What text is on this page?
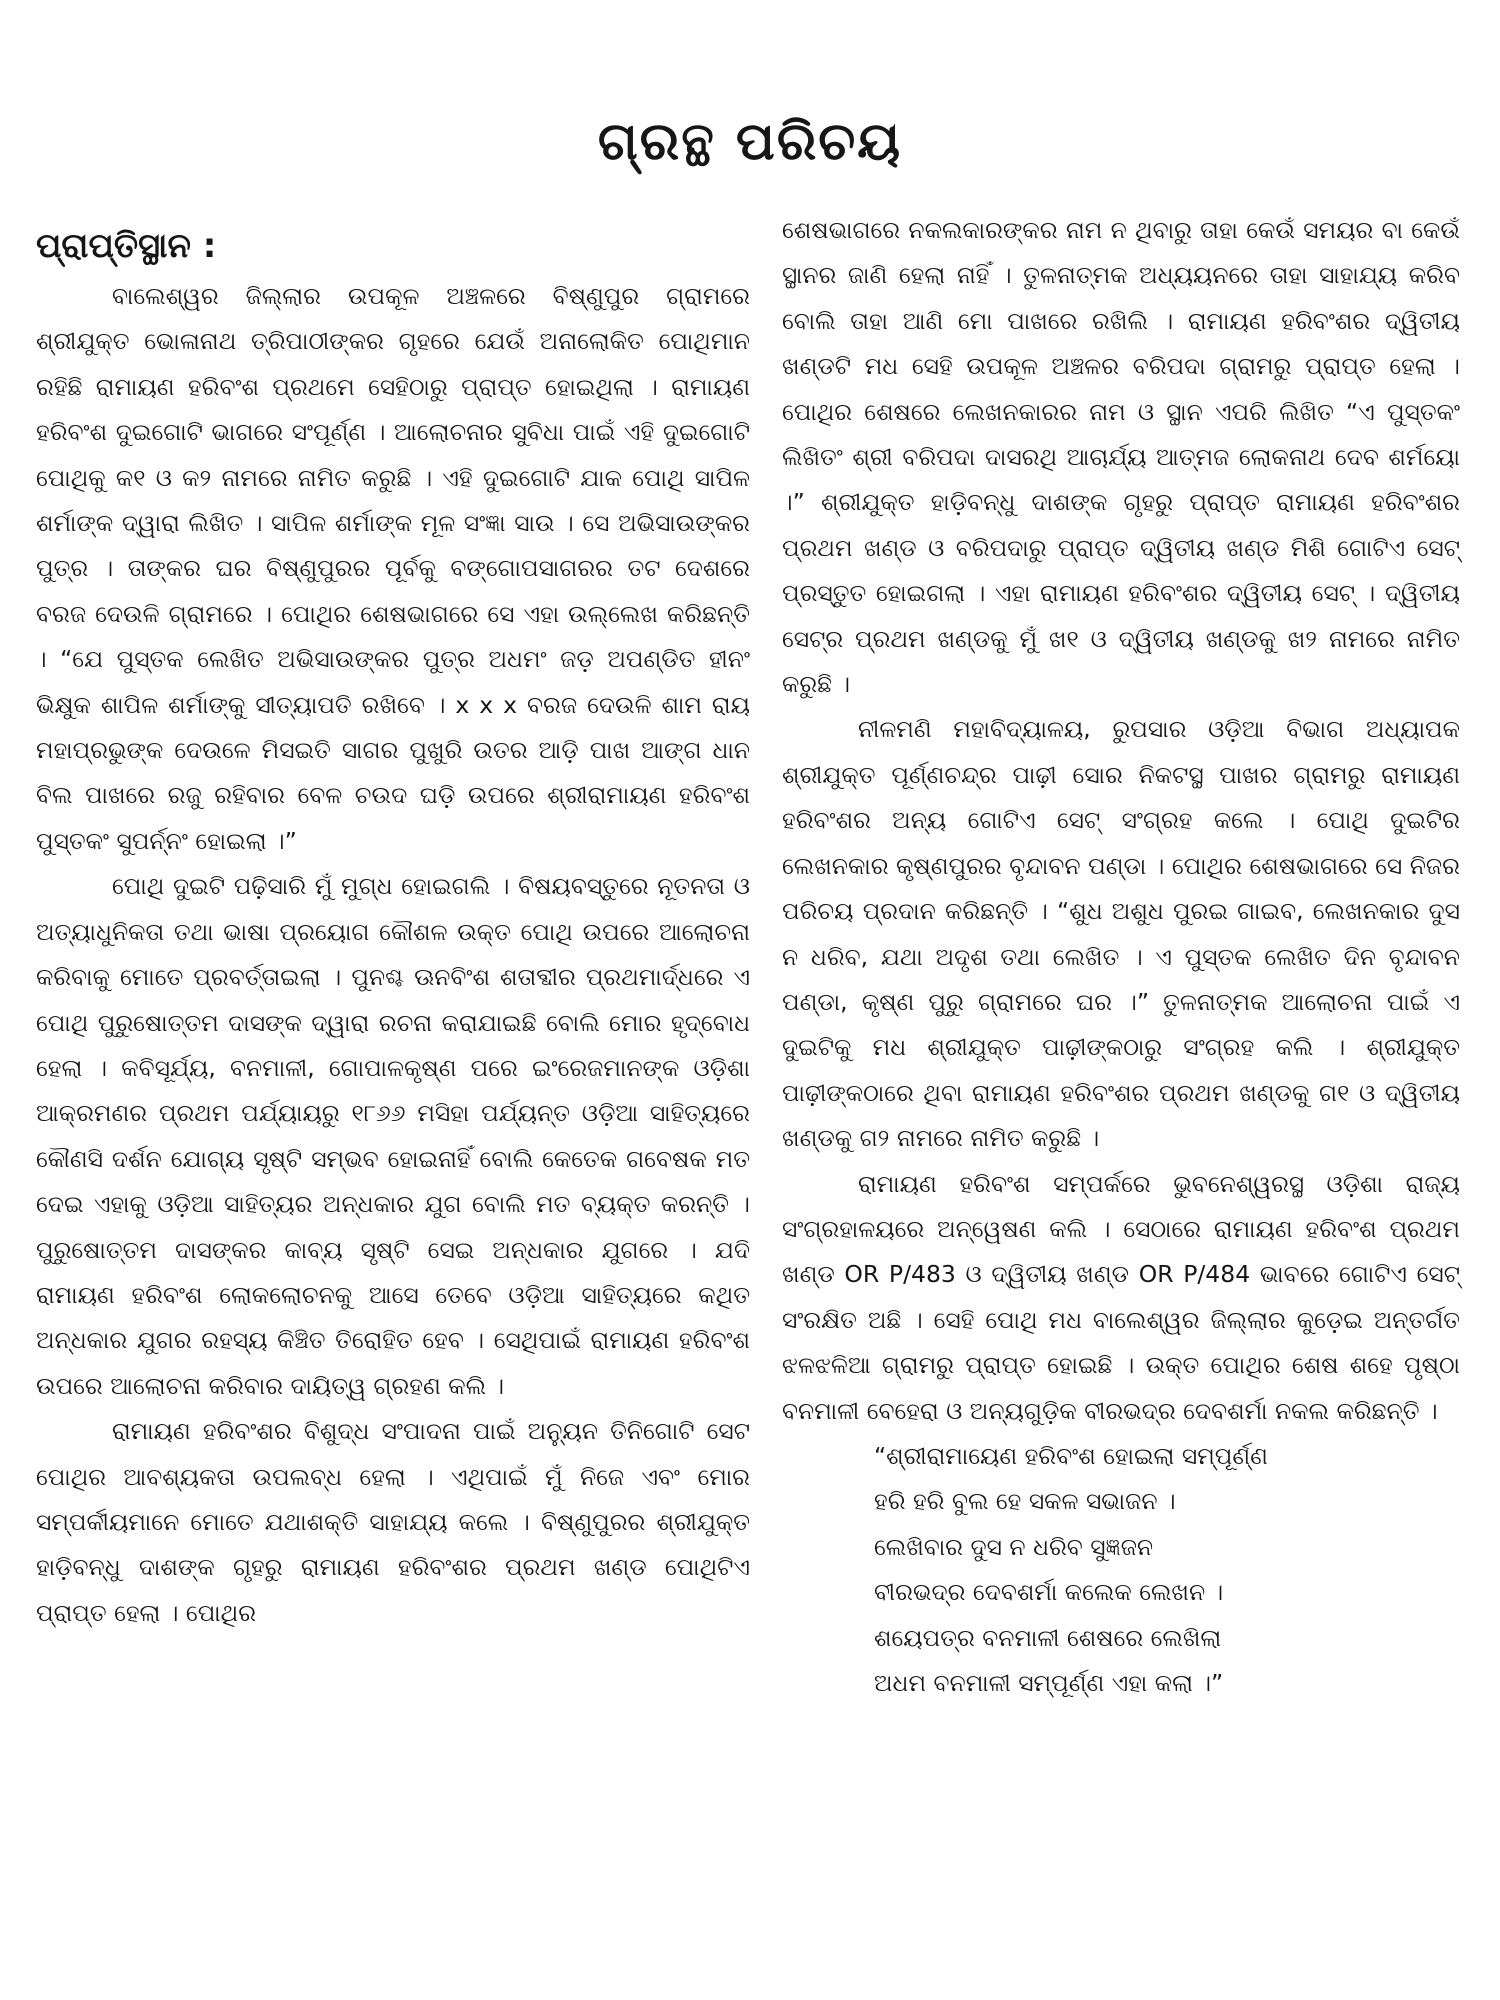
ଗ୍ରନ୍ଥ ପରିଚୟ
ପ୍ରାପ୍ତିସ୍ଥାନ :

ବାଲେଶ୍ୱର ଜିଲ୍ଲାର ଉପକୂଳ ଅଞ୍ଚଳରେ ବିଷ୍ଣୁପୁର ଗ୍ରାମରେ ଶ୍ରୀଯୁକ୍ତ ଭୋଳାନାଥ ତ୍ରିପାଠୀଙ୍କର ଗୃହରେ ଯେଉଁ ଅନାଲୋକିତ ପୋଥିମାନ ରହିଛି ରାମାୟଣ ହରିବଂଶ ପ୍ରଥମେ ସେହିଠାରୁ ପ୍ରାପ୍ତ ହୋଇଥିଲା । ରାମାୟଣ ହରିବଂଶ ଦୁଇଗୋଟି ଭାଗରେ ସଂପୂର୍ଣ୍ଣ । ଆଲୋଚନାର ସୁବିଧା ପାଇଁ ଏହି ଦୁଇଗୋଟି ପୋଥିକୁ କ୧ ଓ କ୨ ନାମରେ ନାମିତ କରୁଛି । ଏହି ଦୁଇଗୋଟି ଯାକ ପୋଥି ସାପିଳ ଶର୍ମାଙ୍କ ଦ୍ୱାରା ଲିଖିତ । ସାପିଳ ଶର୍ମାଙ୍କ ମୂଳ ସଂଜ୍ଞା ସାଉ । ସେ ଅଭିସାଉଙ୍କର ପୁତ୍ର । ତାଙ୍କର ଘର ବିଷ୍ଣୁପୁରର ପୂର୍ବକୁ ବଙ୍ଗୋପସାଗରର ତଟ ଦେଶରେ ବରଜ ଦେଉଳି ଗ୍ରାମରେ । ପୋଥିର ଶେଷଭାଗରେ ସେ ଏହା ଉଲ୍ଲେଖ କରିଛନ୍ତି । “ଯେ ପୁସ୍ତକ ଲେଖିତ ଅଭିସାଉଙ୍କର ପୁତ୍ର ଅଧମଂ ଜଡ଼ ଅପଣ୍ଡିତ ହୀନଂ ଭିକ୍ଷୁକ ଶାପିଳ ଶର୍ମାଙ୍କୁ ସୀତ୍ୟାପତି ରଖିବେ । x x x ବରଜ ଦେଉଳି ଶାମ ରାୟ ମହାପ୍ରଭୁଙ୍କ ଦେଉଳେ ମିସଇତି ସାଗର ପୁଖୁରି ଉତର ଆଡ଼ି ପାଖ ଆଙ୍ଗ ଧାନ ବିଲ ପାଖରେ ରଜୁ ରହିବାର ବେଳ ଚଉଦ ଘଡ଼ି ଉପରେ ଶ୍ରୀରାମାୟଣ ହରିବଂଶ ପୁସ୍ତକଂ ସୁପର୍ନ୍ନଂ ହୋଇଲା ।”

ପୋଥି ଦୁଇଟି ପଢ଼ିସାରି ମୁଁ ମୁଗ୍ଧ ହୋଇଗଲି । ବିଷୟବସ୍ତୁରେ ନୂତନତା ଓ ଅତ୍ୟାଧୁନିକତା ତଥା ଭାଷା ପ୍ରୟୋଗ କୌଶଳ ଉକ୍ତ ପୋଥି ଉପରେ ଆଲୋଚନା କରିବାକୁ ମୋତେ ପ୍ରବର୍ତ୍ତାଇଲା । ପୁନଶ୍ଚ ଊନବିଂଶ ଶତାବ୍ଦୀର ପ୍ରଥମାର୍ଦ୍ଧରେ ଏ ପୋଥି ପୁରୁଷୋତ୍ତମ ଦାସଙ୍କ ଦ୍ୱାରା ରଚନା କରାଯାଇଛି ବୋଲି ମୋର ହୃଦ୍‌ବୋଧ ହେଲା । କବିସୂର୍ଯ୍ୟ, ବନମାଳୀ, ଗୋପାଳକୃଷ୍ଣ ପରେ ଇଂରେଜମାନଙ୍କ ଓଡ଼ିଶା ଆକ୍ରମଣର ପ୍ରଥମ ପର୍ଯ୍ୟାୟରୁ ୧୮୬୬ ମସିହା ପର୍ଯ୍ୟନ୍ତ ଓଡ଼ିଆ ସାହିତ୍ୟରେ କୌଣସି ଦର୍ଶନ ଯୋଗ୍ୟ ସୃଷ୍ଟି ସମ୍ଭବ ହୋଇନାହିଁ ବୋଲି କେତେକ ଗବେଷକ ମତ ଦେଇ ଏହାକୁ ଓଡ଼ିଆ ସାହିତ୍ୟର ଅନ୍ଧକାର ଯୁଗ ବୋଲି ମତ ବ୍ୟକ୍ତ କରନ୍ତି । ପୁରୁଷୋତ୍ତମ ଦାସଙ୍କର କାବ୍ୟ ସୃଷ୍ଟି ସେଇ ଅନ୍ଧକାର ଯୁଗରେ । ଯଦି ରାମାୟଣ ହରିବଂଶ ଲୋକଲୋଚନକୁ ଆସେ ତେବେ ଓଡ଼ିଆ ସାହିତ୍ୟରେ କଥିତ ଅନ୍ଧକାର ଯୁଗର ରହସ୍ୟ କିଞ୍ଚିତ ତିରୋହିତ ହେବ । ସେଥିପାଇଁ ରାମାୟଣ ହରିବଂଶ ଉପରେ ଆଲୋଚନା କରିବାର ଦାୟିତ୍ୱ ଗ୍ରହଣ କଲି ।

ରାମାୟଣ ହରିବଂଶର ବିଶୁଦ୍ଧ ସଂପାଦନା ପାଇଁ ଅନ୍ୟୁନ ତିନିଗୋଟି ସେଟ ପୋଥିର ଆବଶ୍ୟକତା ଉପଲବ୍ଧ ହେଲା । ଏଥିପାଇଁ ମୁଁ ନିଜେ ଏବଂ ମୋର ସମ୍ପର୍କୀୟମାନେ ମୋତେ ଯଥାଶକ୍ତି ସାହାଯ୍ୟ କଲେ । ବିଷ୍ଣୁପୁରର ଶ୍ରୀଯୁକ୍ତ ହାଡ଼ିବନ୍ଧୁ ଦାଶଙ୍କ ଗୃହରୁ ରାମାୟଣ ହରିବଂଶର ପ୍ରଥମ ଖଣ୍ଡ ପୋଥିଟିଏ ପ୍ରାପ୍ତ ହେଲା । ପୋଥିର

ଶେଷଭାଗରେ ନକଲକାରଙ୍କର ନାମ ନ ଥିବାରୁ ତାହା କେଉଁ ସମୟର ବା କେଉଁ ସ୍ଥାନର ଜାଣି ହେଲା ନାହିଁ । ତୁଳନାତ୍ମକ ଅଧ୍ୟୟନରେ ତାହା ସାହାଯ୍ୟ କରିବ ବୋଲି ତାହା ଆଣି ମୋ ପାଖରେ ରଖିଲି । ରାମାୟଣ ହରିବଂଶର ଦ୍ୱିତୀୟ ଖଣ୍ଡଟି ମଧ ସେହି ଉପକୂଳ ଅଞ୍ଚଳର ବରିପଦା ଗ୍ରାମରୁ ପ୍ରାପ୍ତ ହେଲା । ପୋଥିର ଶେଷରେ ଲେଖନକାରର ନାମ ଓ ସ୍ଥାନ ଏପରି ଲିଖିତ “ଏ ପୁସ୍ତକଂ ଲିଖିତଂ ଶ୍ରୀ ବରିପଦା ଦାସରଥି ଆଚାର୍ଯ୍ୟ ଆତ୍ମଜ ଲୋକନାଥ ଦେବ ଶର୍ମୟୋ ।” ଶ୍ରୀଯୁକ୍ତ ହାଡ଼ିବନ୍ଧୁ ଦାଶଙ୍କ ଗୃହରୁ ପ୍ରାପ୍ତ ରାମାୟଣ ହରିବଂଶର ପ୍ରଥମ ଖଣ୍ଡ ଓ ବରିପଦାରୁ ପ୍ରାପ୍ତ ଦ୍ୱିତୀୟ ଖଣ୍ଡ ମିଶି ଗୋଟିଏ ସେଟ୍ ପ୍ରସ୍ତୁତ ହୋଇଗଲା । ଏହା ରାମାୟଣ ହରିବଂଶର ଦ୍ୱିତୀୟ ସେଟ୍ । ଦ୍ୱିତୀୟ ସେଟ୍‌ର ପ୍ରଥମ ଖଣ୍ଡକୁ ମୁଁ ଖ୧ ଓ ଦ୍ୱିତୀୟ ଖଣ୍ଡକୁ ଖ୨ ନାମରେ ନାମିତ କରୁଛି ।

ନୀଳମଣି ମହାବିଦ୍ୟାଳୟ, ରୁପସାର ଓଡ଼ିଆ ବିଭାଗ ଅଧ୍ୟାପକ ଶ୍ରୀଯୁକ୍ତ ପୂର୍ଣ୍ଣଚନ୍ଦ୍ର ପାଢ଼ୀ ସୋର ନିକଟସ୍ଥ ପାଖର ଗ୍ରାମରୁ ରାମାୟଣ ହରିବଂଶର ଅନ୍ୟ ଗୋଟିଏ ସେଟ୍ ସଂଗ୍ରହ କଲେ । ପୋଥି ଦୁଇଟିର ଲେଖନକାର କୃଷ୍ଣପୁରର ବୃନ୍ଦାବନ ପଣ୍ଡା । ପୋଥିର ଶେଷଭାଗରେ ସେ ନିଜର ପରିଚୟ ପ୍ରଦାନ କରିଛନ୍ତି । “ଶୁଧ ଅଶୁଧ ପୁରଇ ଗାଇବ, ଲେଖନକାର ଦୁସ ନ ଧରିବ, ଯଥା ଅଦୃଶ ତଥା ଲେଖିତ । ଏ ପୁସ୍ତକ ଲେଖିତ ଦିନ ବୃନ୍ଦାବନ ପଣ୍ଡା, କୃଷ୍ଣ ପୁରୁ ଗ୍ରାମରେ ଘର ।” ତୁଳନାତ୍ମକ ଆଲୋଚନା ପାଇଁ ଏ ଦୁଇଟିକୁ ମଧ ଶ୍ରୀଯୁକ୍ତ ପାଢ଼ୀଙ୍କଠାରୁ ସଂଗ୍ରହ କଲି । ଶ୍ରୀଯୁକ୍ତ ପାଢ଼ୀଙ୍କଠାରେ ଥିବା ରାମାୟଣ ହରିବଂଶର ପ୍ରଥମ ଖଣ୍ଡକୁ ଗ୧ ଓ ଦ୍ୱିତୀୟ ଖଣ୍ଡକୁ ଗ୨ ନାମରେ ନାମିତ କରୁଛି ।

ରାମାୟଣ ହରିବଂଶ ସମ୍ପର୍କରେ ଭୁବନେଶ୍ୱରସ୍ଥ ଓଡ଼ିଶା ରାଜ୍ୟ ସଂଗ୍ରହାଳୟରେ ଅନ୍ୱେଷଣ କଲି । ସେଠାରେ ରାମାୟଣ ହରିବଂଶ ପ୍ରଥମ ଖଣ୍ଡ OR P/483 ଓ ଦ୍ୱିତୀୟ ଖଣ୍ଡ OR P/484 ଭାବରେ ଗୋଟିଏ ସେଟ୍ ସଂରକ୍ଷିତ ଅଛି । ସେହି ପୋଥି ମଧ ବାଲେଶ୍ୱର ଜିଲ୍ଲାର କୁଡ଼େଇ ଅନ୍ତର୍ଗତ ଝଳଝଳିଆ ଗ୍ରାମରୁ ପ୍ରାପ୍ତ ହୋଇଛି । ଉକ୍ତ ପୋଥିର ଶେଷ ଶହେ ପୃଷ୍ଠା ବନମାଳୀ ବେହେରା ଓ ଅନ୍ୟଗୁଡ଼ିକ ବୀରଭଦ୍ର ଦେବଶର୍ମା ନକଲ କରିଛନ୍ତି ।

“ଶ୍ରୀରାମାୟେଣ ହରିବଂଶ ହୋଇଲା ସମ୍ପୂର୍ଣ୍ଣ
ହରି ହରି ବୁଲ ହେ ସକଳ ସଭାଜନ ।
ଲେଖିବାର ଦୁସ ନ ଧରିବ ସୁଜ୍ଞଜନ
ବୀରଭଦ୍ର ଦେବଶର୍ମା କଲେକ ଲେଖନ ।
ଶୟେପତ୍ର ବନମାଳୀ ଶେଷରେ ଲେଖିଲା
ଅଧମ ବନମାଳୀ ସମ୍ପୂର୍ଣ୍ଣ ଏହା କଲା ।”
